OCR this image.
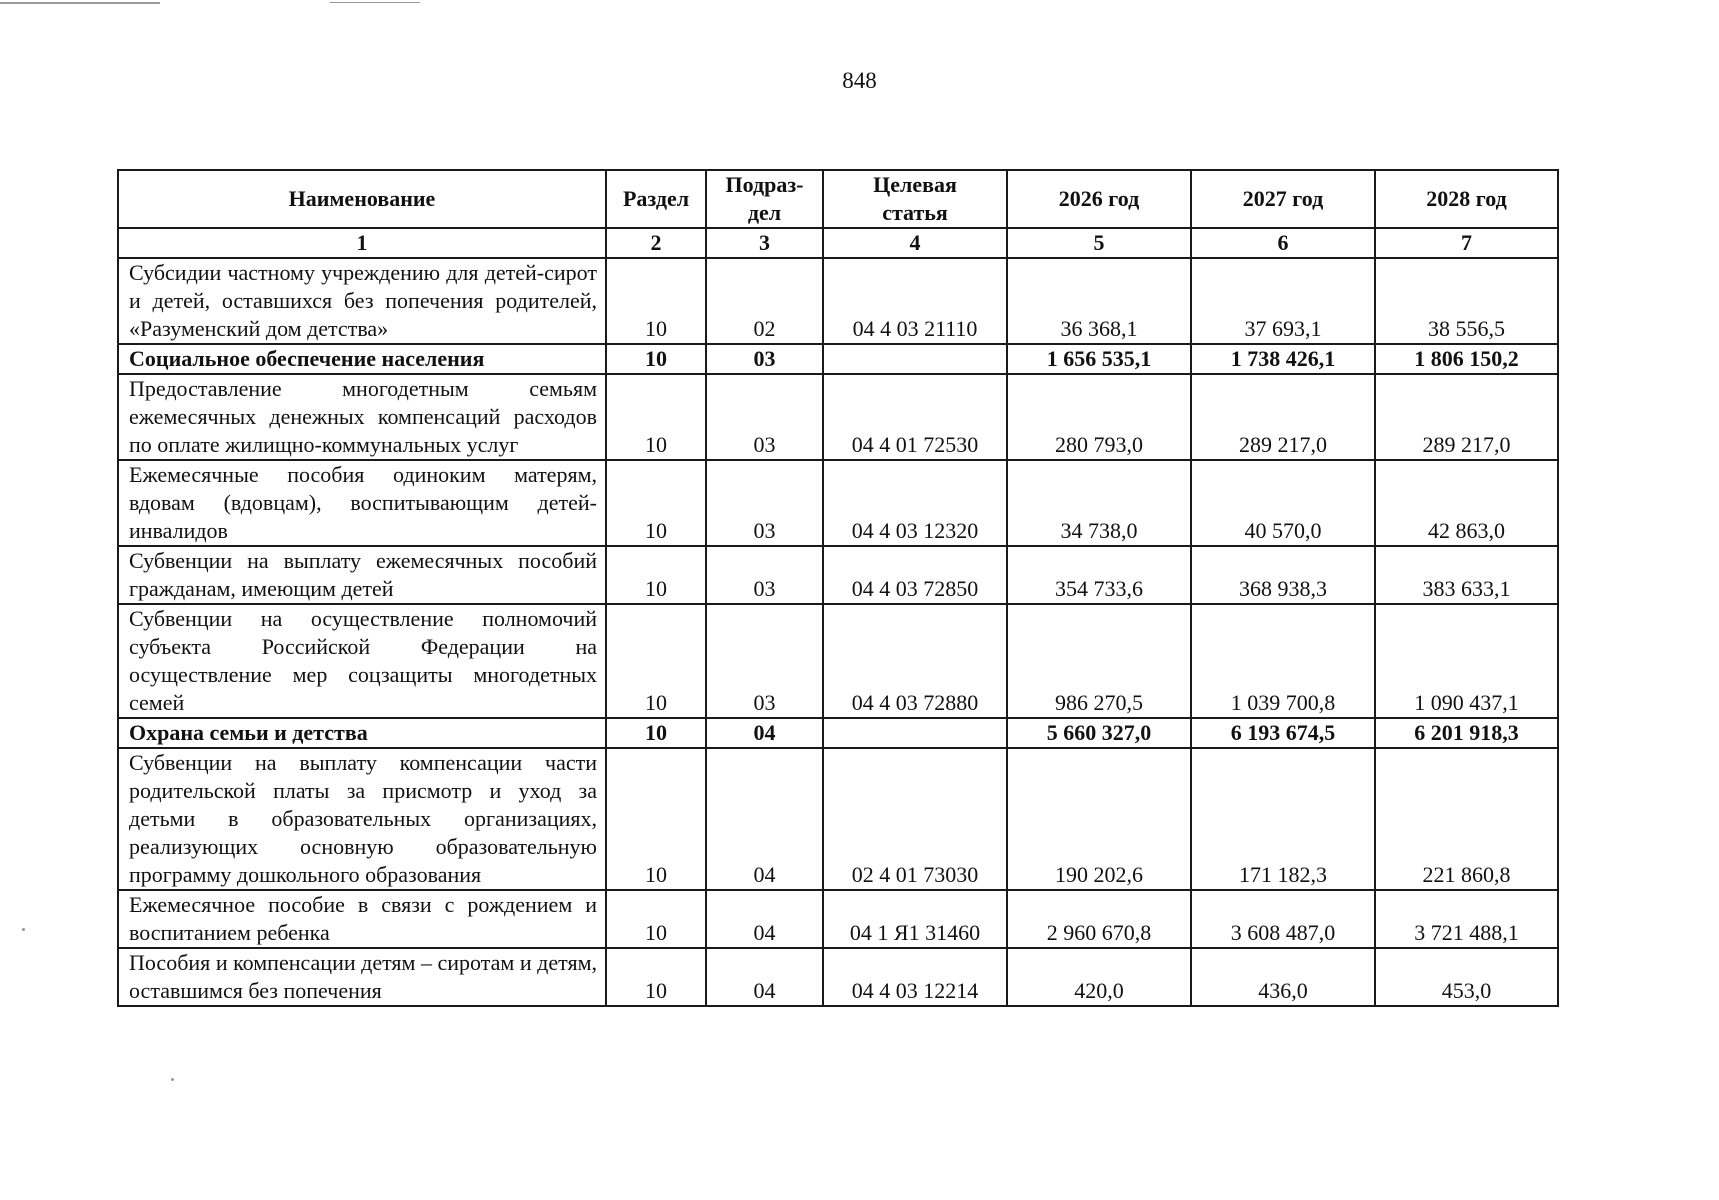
848
Наименование	Раздел	Подраз-дел	Целевая статья	2026 год	2027 год	2028 год
1	2	3	4	5	6	7
Субсидии частному учреждению для детей-сирот и детей, оставшихся без попечения родителей, «Разуменский дом детства»	10	02	04 4 03 21110	36 368,1	37 693,1	38 556,5
Социальное обеспечение населения	10	03		1 656 535,1	1 738 426,1	1 806 150,2
Предоставление многодетным семьям ежемесячных денежных компенсаций расходов по оплате жилищно-коммунальных услуг	10	03	04 4 01 72530	280 793,0	289 217,0	289 217,0
Ежемесячные пособия одиноким матерям, вдовам (вдовцам), воспитывающим детей-инвалидов	10	03	04 4 03 12320	34 738,0	40 570,0	42 863,0
Субвенции на выплату ежемесячных пособий гражданам, имеющим детей	10	03	04 4 03 72850	354 733,6	368 938,3	383 633,1
Субвенции на осуществление полномочий субъекта Российской Федерации на осуществление мер соцзащиты многодетных семей	10	03	04 4 03 72880	986 270,5	1 039 700,8	1 090 437,1
Охрана семьи и детства	10	04		5 660 327,0	6 193 674,5	6 201 918,3
Субвенции на выплату компенсации части родительской платы за присмотр и уход за детьми в образовательных организациях, реализующих основную образовательную программу дошкольного образования	10	04	02 4 01 73030	190 202,6	171 182,3	221 860,8
Ежемесячное пособие в связи с рождением и воспитанием ребенка	10	04	04 1 Я1 31460	2 960 670,8	3 608 487,0	3 721 488,1
Пособия и компенсации детям – сиротам и детям, оставшимся без попечения	10	04	04 4 03 12214	420,0	436,0	453,0
